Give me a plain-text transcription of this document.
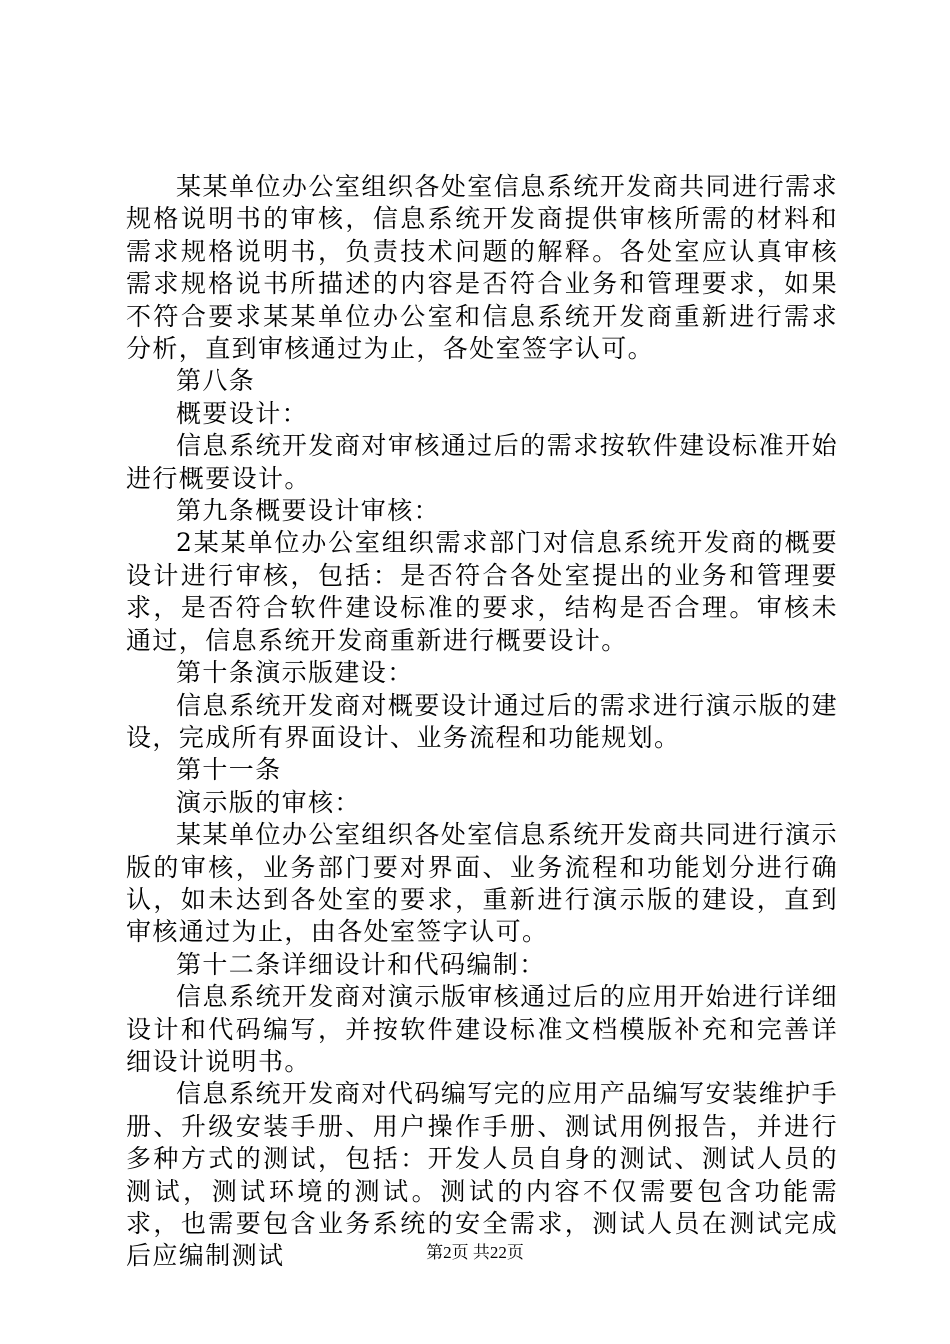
某某单位办公室组织各处室信息系统开发商共同进行需求规格说明书的审核，信息系统开发商提供审核所需的材料和需求规格说明书，负责技术问题的解释。各处室应认真审核需求规格说书所描述的内容是否符合业务和管理要求，如果不符合要求某某单位办公室和信息系统开发商重新进行需求分析，直到审核通过为止，各处室签字认可。

第八条

概要设计：

信息系统开发商对审核通过后的需求按软件建设标准开始进行概要设计。

第九条概要设计审核：

2某某单位办公室组织需求部门对信息系统开发商的概要设计进行审核，包括：是否符合各处室提出的业务和管理要求，是否符合软件建设标准的要求，结构是否合理。审核未通过，信息系统开发商重新进行概要设计。

第十条演示版建设：

信息系统开发商对概要设计通过后的需求进行演示版的建设，完成所有界面设计、业务流程和功能规划。

第十一条

演示版的审核：

某某单位办公室组织各处室信息系统开发商共同进行演示版的审核，业务部门要对界面、业务流程和功能划分进行确认，如未达到各处室的要求，重新进行演示版的建设，直到审核通过为止，由各处室签字认可。

第十二条详细设计和代码编制：

信息系统开发商对演示版审核通过后的应用开始进行详细设计和代码编写，并按软件建设标准文档模版补充和完善详细设计说明书。

信息系统开发商对代码编写完的应用产品编写安装维护手册、升级安装手册、用户操作手册、测试用例报告，并进行多种方式的测试，包括：开发人员自身的测试、测试人员的测试，测试环境的测试。测试的内容不仅需要包含功能需求，也需要包含业务系统的安全需求，测试人员在测试完成后应编制测试	第2页 共22页
